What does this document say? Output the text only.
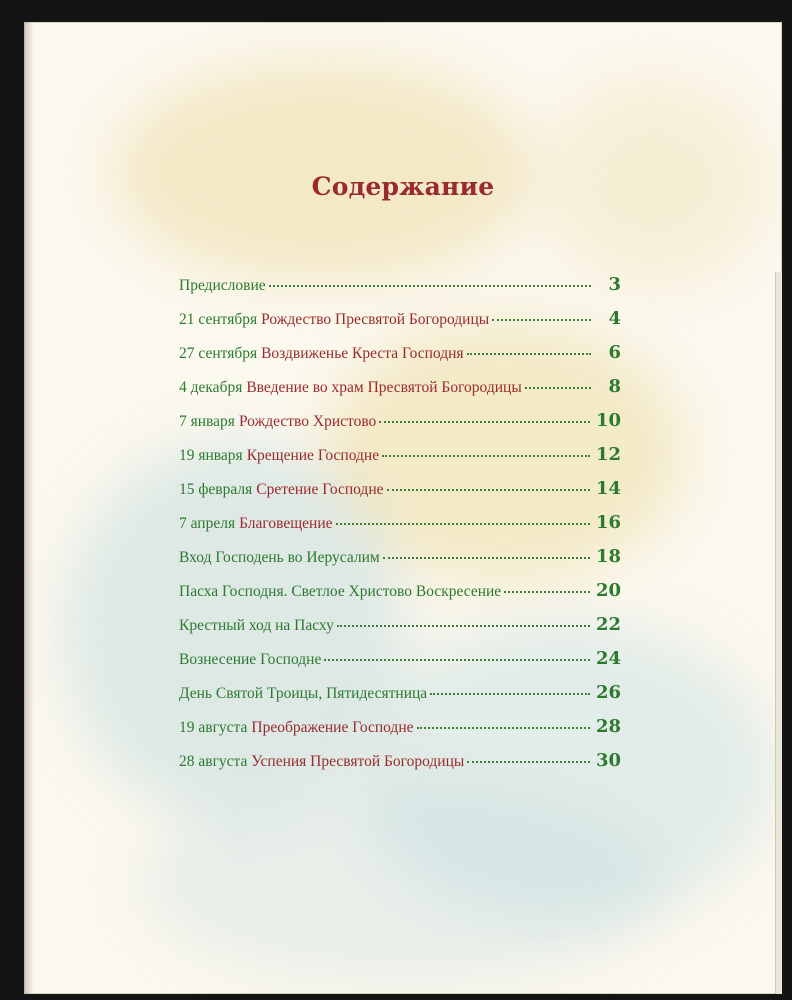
Содержание
Предисловие	3
21 сентября Рождество Пресвятой Богородицы	4
27 сентября Воздвиженье Креста Господня	6
4 декабря Введение во храм Пресвятой Богородицы	8
7 января Рождество Христово	10
19 января Крещение Господне	12
15 февраля Сретение Господне	14
7 апреля Благовещение	16
Вход Господень во Иерусалим	18
Пасха Господня. Светлое Христово Воскресение	20
Крестный ход на Пасху	22
Вознесение Господне	24
День Святой Троицы, Пятидесятница	26
19 августа Преображение Господне	28
28 августа Успения Пресвятой Богородицы	30
